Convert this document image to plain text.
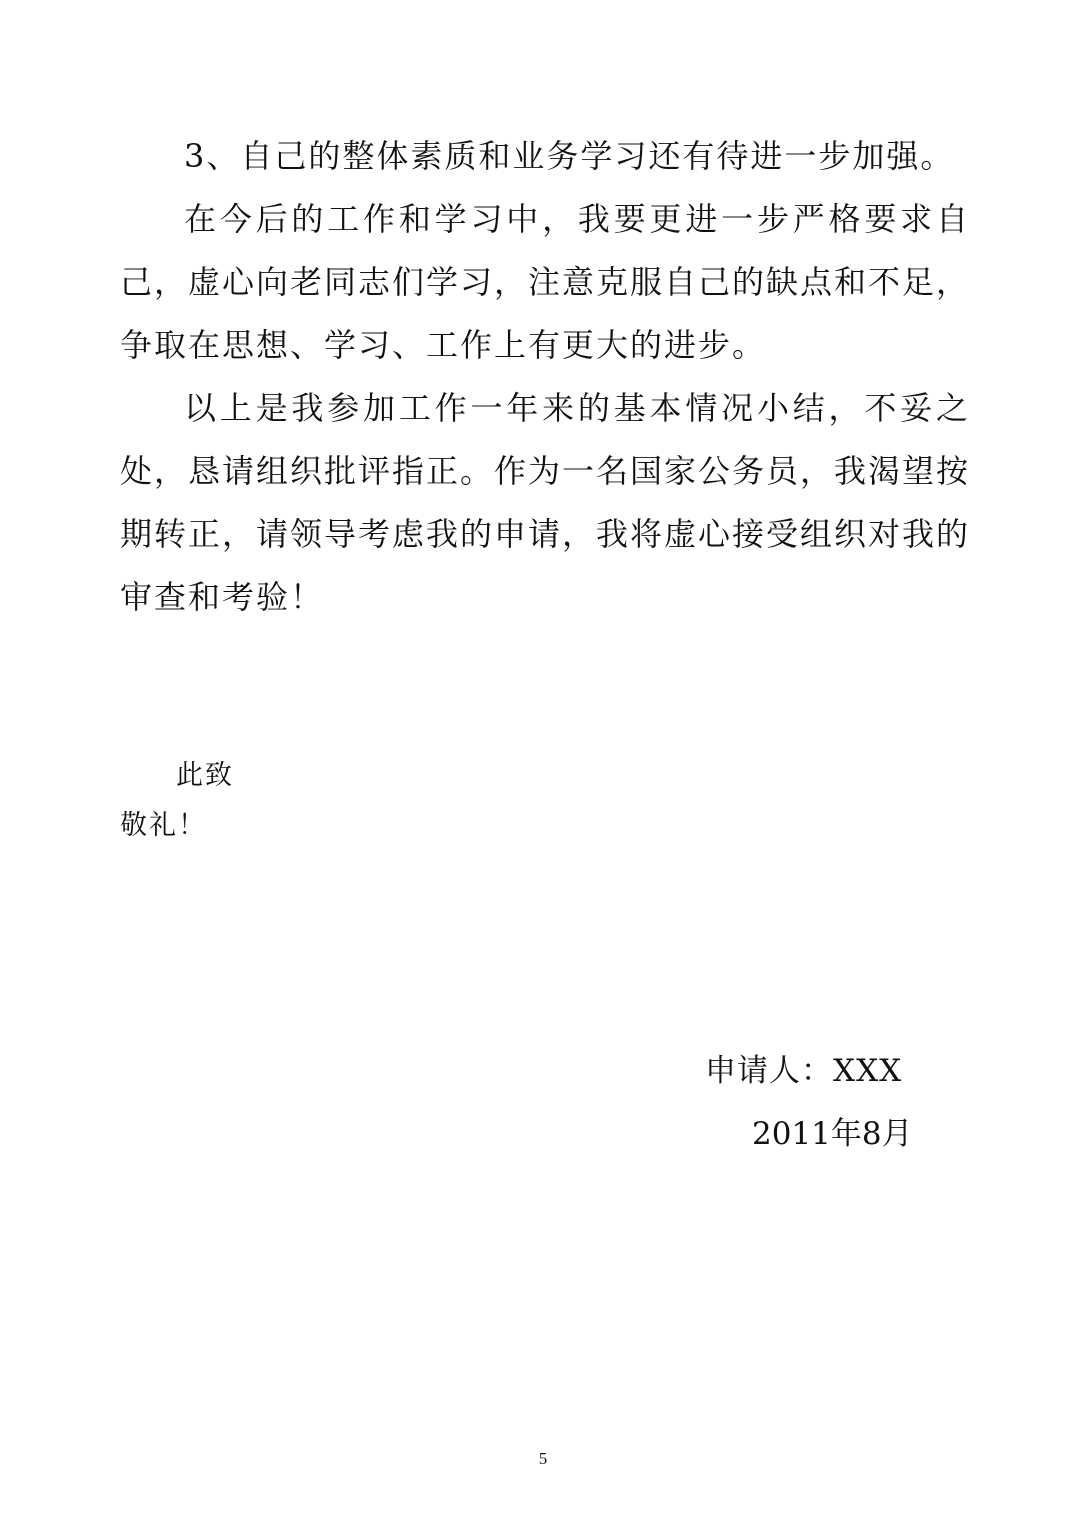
3、自己的整体素质和业务学习还有待进一步加强。

在今后的工作和学习中，我要更进一步严格要求自己，虚心向老同志们学习，注意克服自己的缺点和不足，争取在思想、学习、工作上有更大的进步。

以上是我参加工作一年来的基本情况小结，不妥之处，恳请组织批评指正。作为一名国家公务员，我渴望按期转正，请领导考虑我的申请，我将虚心接受组织对我的审查和考验！

此致
敬礼！
申请人：XXX
2011年8月
5
